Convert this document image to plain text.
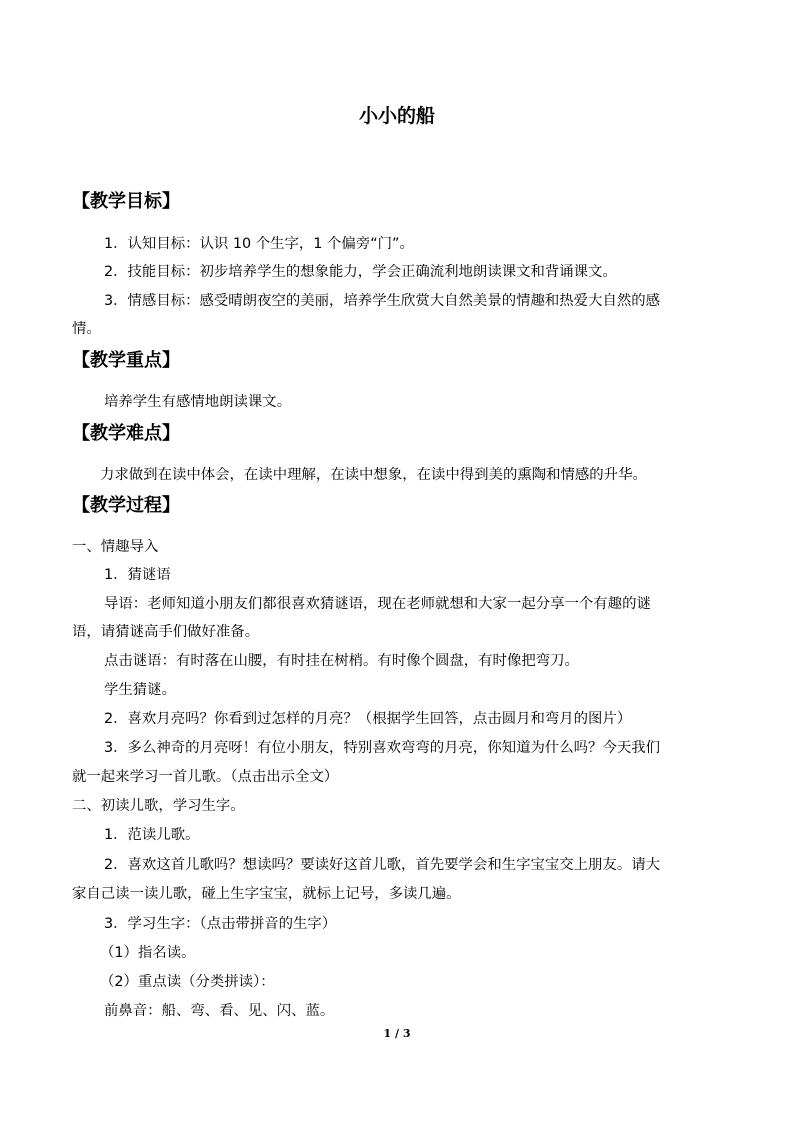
小小的船
【教学目标】
1．认知目标：认识 10 个生字，1 个偏旁“门”。
2．技能目标：初步培养学生的想象能力，学会正确流利地朗读课文和背诵课文。
3．情感目标：感受晴朗夜空的美丽，培养学生欣赏大自然美景的情趣和热爱大自然的感
情。
【教学重点】
培养学生有感情地朗读课文。
【教学难点】
力求做到在读中体会，在读中理解，在读中想象，在读中得到美的熏陶和情感的升华。
【教学过程】
一、情趣导入
1．猜谜语
导语：老师知道小朋友们都很喜欢猜谜语，现在老师就想和大家一起分享一个有趣的谜
语，请猜谜高手们做好准备。
点击谜语：有时落在山腰，有时挂在树梢。有时像个圆盘，有时像把弯刀。
学生猜谜。
2．喜欢月亮吗？你看到过怎样的月亮？（根据学生回答，点击圆月和弯月的图片）
3．多么神奇的月亮呀！有位小朋友，特别喜欢弯弯的月亮，你知道为什么吗？今天我们
就一起来学习一首儿歌。（点击出示全文）
二、初读儿歌，学习生字。
1．范读儿歌。
2．喜欢这首儿歌吗？想读吗？要读好这首儿歌，首先要学会和生字宝宝交上朋友。请大
家自己读一读儿歌，碰上生字宝宝，就标上记号，多读几遍。
3．学习生字：（点击带拼音的生字）
（1）指名读。
（2）重点读（分类拼读）：
前鼻音：船、弯、看、见、闪、蓝。
1 / 3
